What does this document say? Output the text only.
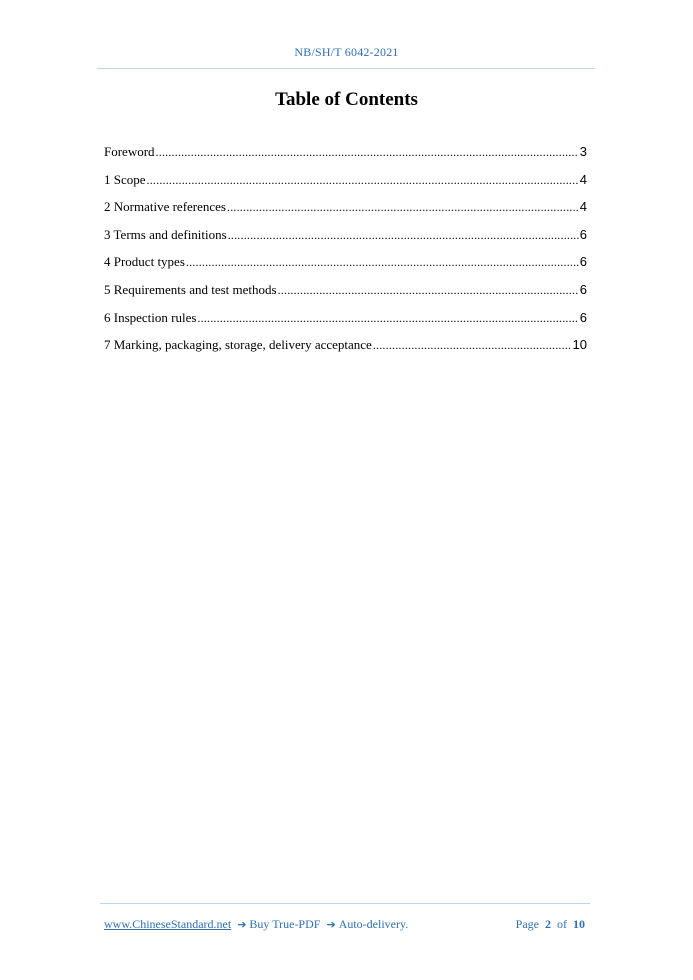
NB/SH/T 6042-2021
Table of Contents
Foreword .....	3
1 Scope .....	4
2 Normative references .....	4
3 Terms and definitions .....	6
4 Product types .....	6
5 Requirements and test methods .....	6
6 Inspection rules .....	6
7 Marking, packaging, storage, delivery acceptance .....	10
www.ChineseStandard.net ➔ Buy True-PDF ➔ Auto-delivery.	Page 2 of 10
